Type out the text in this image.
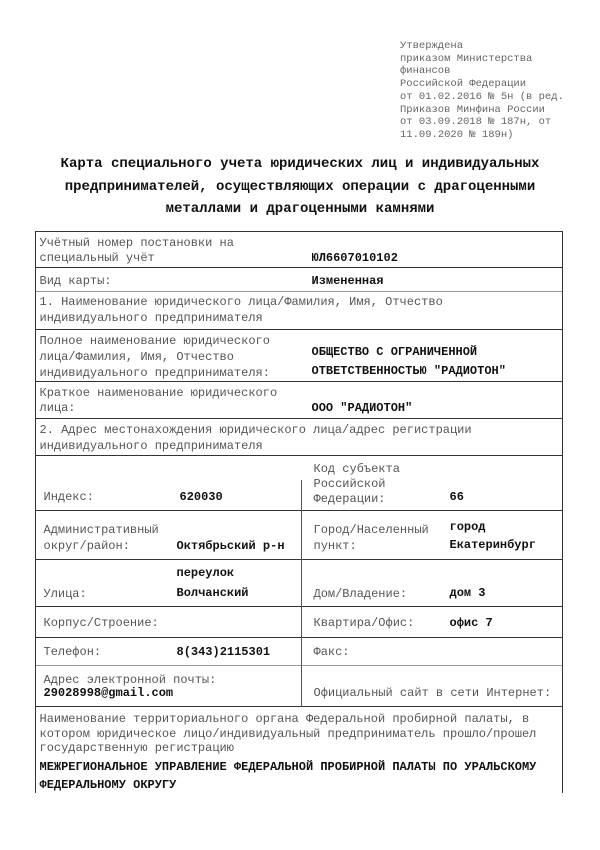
Утверждена
приказом Министерства
финансов
Российской Федерации
от 01.02.2016 № 5н (в ред.
Приказов Минфина России
от 03.09.2018 № 187н, от
11.09.2020 № 189н)
Карта специального учета юридических лиц и индивидуальных
предпринимателей, осуществляющих операции с драгоценными
металлами и драгоценными камнями
Учётный номер постановки на
специальный учёт	ЮЛ6607010102
Вид карты:	Измененная
1. Наименование юридического лица/Фамилия, Имя, Отчество
индивидуального предпринимателя
Полное наименование юридического
лица/Фамилия, Имя, Отчество
индивидуального предпринимателя:
ОБЩЕСТВО С ОГРАНИЧЕННОЙ
ОТВЕТСТВЕННОСТЬЮ "РАДИОТОН"
Краткое наименование юридического
лица:	ООО "РАДИОТОН"
2. Адрес местонахождения юридического лица/адрес регистрации
индивидуального предпринимателя
Индекс:	620030
Код субъекта
Российской
Федерации:	66
Административный
округ/район:	Октябрьский р-н
Город/Населенный
пункт:
город
Екатеринбург
Улица:
переулок
Волчанский	Дом/Владение:	дом 3
Корпус/Строение:	Квартира/Офис:	офис 7
Телефон:	8(343)2115301	Факс:
Адрес электронной почты:
29028998@gmail.com	Официальный сайт в сети Интернет:
Наименование территориального органа Федеральной пробирной палаты, в
котором юридическое лицо/индивидуальный предприниматель прошло/прошел
государственную регистрацию
МЕЖРЕГИОНАЛЬНОЕ УПРАВЛЕНИЕ ФЕДЕРАЛЬНОЙ ПРОБИРНОЙ ПАЛАТЫ ПО УРАЛЬСКОМУ
ФЕДЕРАЛЬНОМУ ОКРУГУ
